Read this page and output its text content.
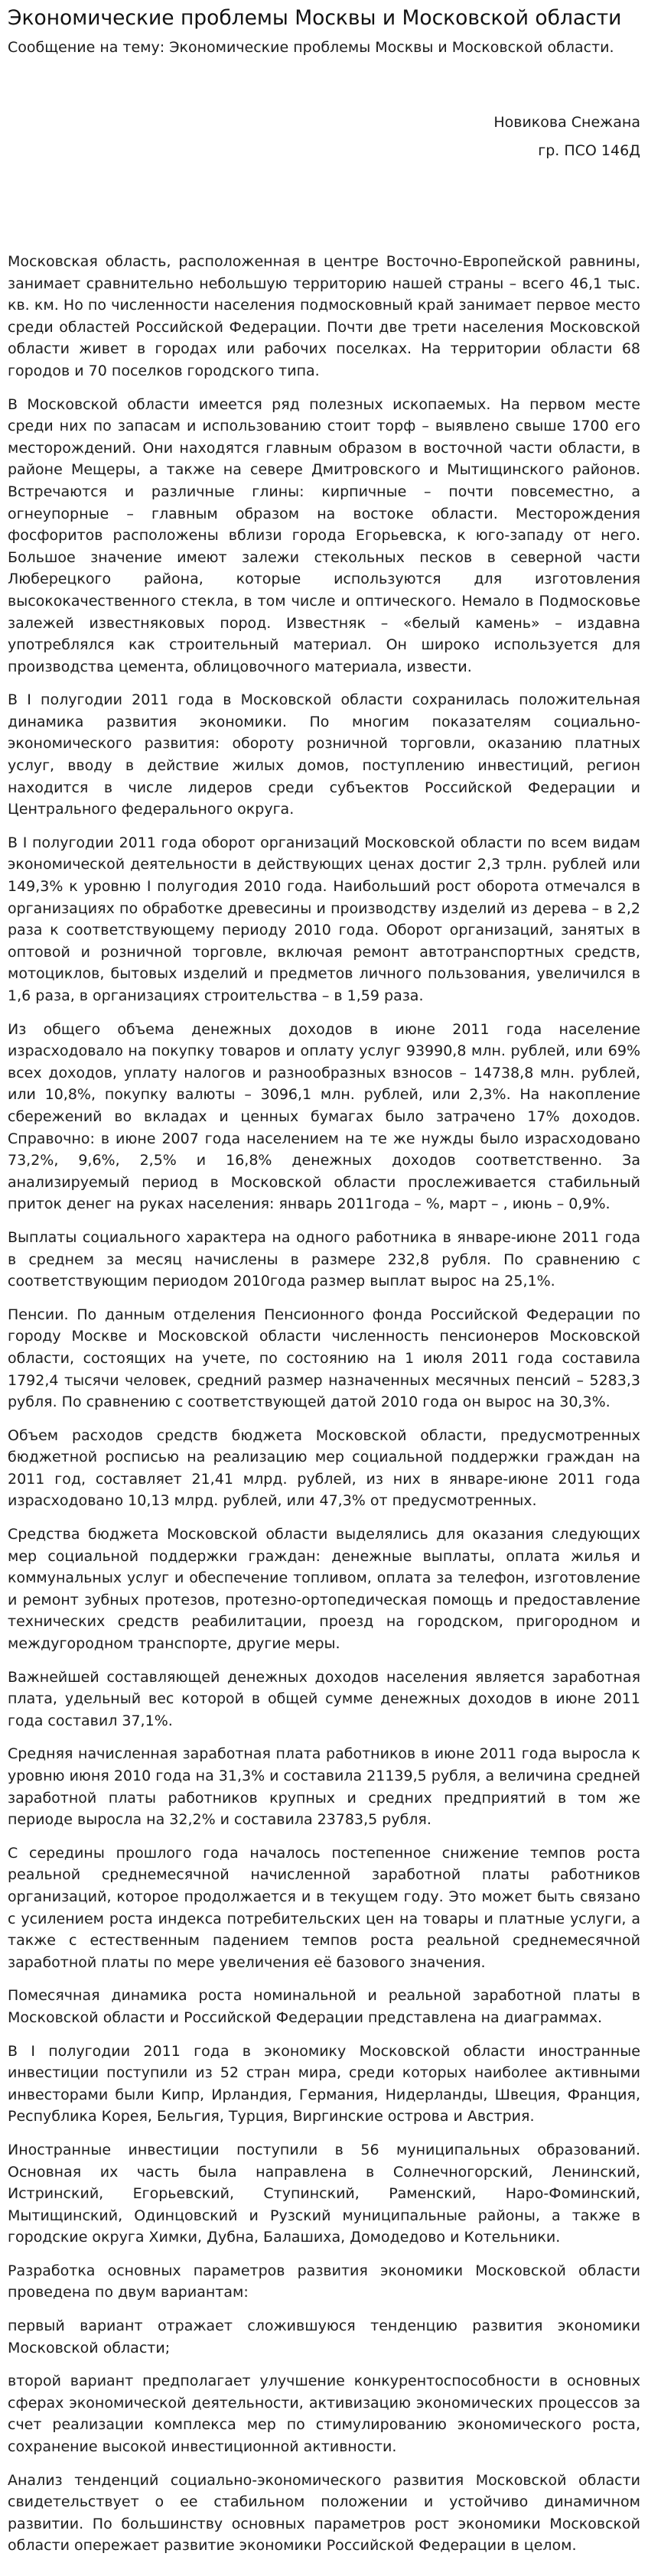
Экономические проблемы Москвы и Московской области

Сообщение на тему: Экономические проблемы Москвы и Московской области.

Новикова Снежана
гр. ПСО 146Д

Московская область, расположенная в центре Восточно-Европейской равнины, занимает сравнительно небольшую территорию нашей страны – всего 46,1 тыс. кв. км. Но по численности населения подмосковный край занимает первое место среди областей Российской Федерации. Почти две трети населения Московской области живет в городах или рабочих поселках. На территории области 68 городов и 70 поселков городского типа.

В Московской области имеется ряд полезных ископаемых. На первом месте среди них по запасам и использованию стоит торф – выявлено свыше 1700 его месторождений. Они находятся главным образом в восточной части области, в районе Мещеры, а также на севере Дмитровского и Мытищинского районов. Встречаются и различные глины: кирпичные – почти повсеместно, а огнеупорные – главным образом на востоке области. Месторождения фосфоритов расположены вблизи города Егорьевска, к юго-западу от него. Большое значение имеют залежи стекольных песков в северной части Люберецкого района, которые используются для изготовления высококачественного стекла, в том числе и оптического. Немало в Подмосковье залежей известняковых пород. Известняк – «белый камень» – издавна употреблялся как строительный материал. Он широко используется для производства цемента, облицовочного материала, извести.

В I полугодии 2011 года в Московской области сохранилась положительная динамика развития экономики. По многим показателям социально-экономического развития: обороту розничной торговли, оказанию платных услуг, вводу в действие жилых домов, поступлению инвестиций, регион находится в числе лидеров среди субъектов Российской Федерации и Центрального федерального округа.

В I полугодии 2011 года оборот организаций Московской области по всем видам экономической деятельности в действующих ценах достиг 2,3 трлн. рублей или 149,3% к уровню I полугодия 2010 года. Наибольший рост оборота отмечался в организациях по обработке древесины и производству изделий из дерева – в 2,2 раза к соответствующему периоду 2010 года. Оборот организаций, занятых в оптовой и розничной торговле, включая ремонт автотранспортных средств, мотоциклов, бытовых изделий и предметов личного пользования, увеличился в 1,6 раза, в организациях строительства – в 1,59 раза.

Из общего объема денежных доходов в июне 2011 года население израсходовало на покупку товаров и оплату услуг 93990,8 млн. рублей, или 69% всех доходов, уплату налогов и разнообразных взносов – 14738,8 млн. рублей, или 10,8%, покупку валюты – 3096,1 млн. рублей, или 2,3%. На накопление сбережений во вкладах и ценных бумагах было затрачено 17% доходов. Справочно: в июне 2007 года населением на те же нужды было израсходовано 73,2%, 9,6%, 2,5% и 16,8% денежных доходов соответственно. За анализируемый период в Московской области прослеживается стабильный приток денег на руках населения: январь 2011года – %, март – , июнь – 0,9%.

Выплаты социального характера на одного работника в январе-июне 2011 года в среднем за месяц начислены в размере 232,8 рубля. По сравнению с соответствующим периодом 2010года размер выплат вырос на 25,1%.

Пенсии. По данным отделения Пенсионного фонда Российской Федерации по городу Москве и Московской области численность пенсионеров Московской области, состоящих на учете, по состоянию на 1 июля 2011 года составила 1792,4 тысячи человек, средний размер назначенных месячных пенсий – 5283,3 рубля. По сравнению с соответствующей датой 2010 года он вырос на 30,3%.

Объем расходов средств бюджета Московской области, предусмотренных бюджетной росписью на реализацию мер социальной поддержки граждан на 2011 год, составляет 21,41 млрд. рублей, из них в январе-июне 2011 года израсходовано 10,13 млрд. рублей, или 47,3% от предусмотренных.

Средства бюджета Московской области выделялись для оказания следующих мер социальной поддержки граждан: денежные выплаты, оплата жилья и коммунальных услуг и обеспечение топливом, оплата за телефон, изготовление и ремонт зубных протезов, протезно-ортопедическая помощь и предоставление технических средств реабилитации, проезд на городском, пригородном и междугородном транспорте, другие меры.

Важнейшей составляющей денежных доходов населения является заработная плата, удельный вес которой в общей сумме денежных доходов в июне 2011 года составил 37,1%.

Средняя начисленная заработная плата работников в июне 2011 года выросла к уровню июня 2010 года на 31,3% и составила 21139,5 рубля, а величина средней заработной платы работников крупных и средних предприятий в том же периоде выросла на 32,2% и составила 23783,5 рубля.

С середины прошлого года началось постепенное снижение темпов роста реальной среднемесячной начисленной заработной платы работников организаций, которое продолжается и в текущем году. Это может быть связано с усилением роста индекса потребительских цен на товары и платные услуги, а также с естественным падением темпов роста реальной среднемесячной заработной платы по мере увеличения её базового значения.

Помесячная динамика роста номинальной и реальной заработной платы в Московской области и Российской Федерации представлена на диаграммах.

В I полугодии 2011 года в экономику Московской области иностранные инвестиции поступили из 52 стран мира, среди которых наиболее активными инвесторами были Кипр, Ирландия, Германия, Нидерланды, Швеция, Франция, Республика Корея, Бельгия, Турция, Виргинские острова и Австрия.

Иностранные инвестиции поступили в 56 муниципальных образований. Основная их часть была направлена в Солнечногорский, Ленинский, Истринский, Егорьевский, Ступинский, Раменский, Наро-Фоминский, Мытищинский, Одинцовский и Рузский муниципальные районы, а также в городские округа Химки, Дубна, Балашиха, Домодедово и Котельники.

Разработка основных параметров развития экономики Московской области проведена по двум вариантам:

первый вариант отражает сложившуюся тенденцию развития экономики Московской области;

второй вариант предполагает улучшение конкурентоспособности в основных сферах экономической деятельности, активизацию экономических процессов за счет реализации комплекса мер по стимулированию экономического роста, сохранение высокой инвестиционной активности.

Анализ тенденций социально-экономического развития Московской области свидетельствует о ее стабильном положении и устойчиво динамичном развитии. По большинству основных параметров рост экономики Московской области опережает развитие экономики Российской Федерации в целом.
